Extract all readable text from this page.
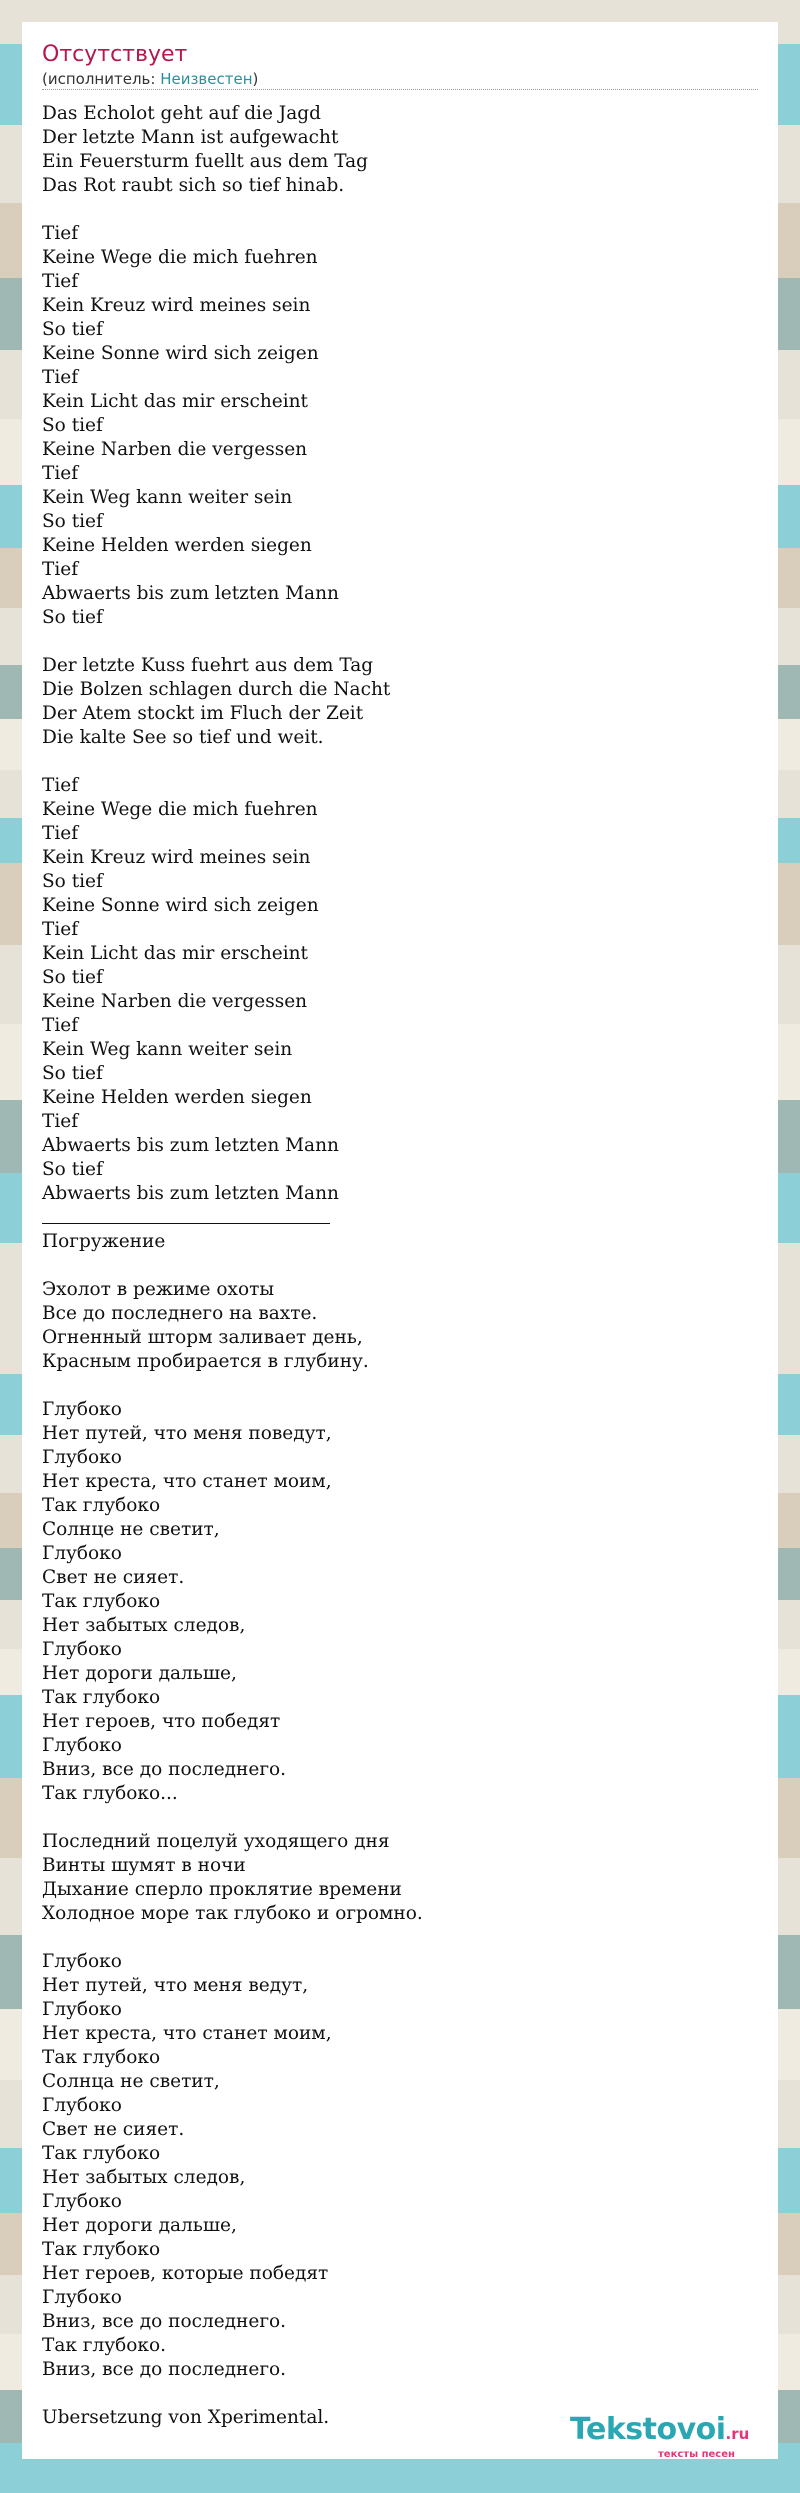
Отсутствует
(исполнитель: Неизвестен)
Das Echolot geht auf die Jagd
Der letzte Mann ist aufgewacht
Ein Feuersturm fuellt aus dem Tag
Das Rot raubt sich so tief hinab.
Tief
Keine Wege die mich fuehren
Tief
Kein Kreuz wird meines sein
So tief
Keine Sonne wird sich zeigen
Tief
Kein Licht das mir erscheint
So tief
Keine Narben die vergessen
Tief
Kein Weg kann weiter sein
So tief
Keine Helden werden siegen
Tief
Abwaerts bis zum letzten Mann
So tief
Der letzte Kuss fuehrt aus dem Tag
Die Bolzen schlagen durch die Nacht
Der Atem stockt im Fluch der Zeit
Die kalte See so tief und weit.
Tief
Keine Wege die mich fuehren
Tief
Kein Kreuz wird meines sein
So tief
Keine Sonne wird sich zeigen
Tief
Kein Licht das mir erscheint
So tief
Keine Narben die vergessen
Tief
Kein Weg kann weiter sein
So tief
Keine Helden werden siegen
Tief
Abwaerts bis zum letzten Mann
So tief
Abwaerts bis zum letzten Mann
Погружение
Эхолот в режиме охоты
Все до последнего на вахте.
Огненный шторм заливает день,
Красным пробирается в глубину.
Глубоко
Нет путей, что меня поведут,
Глубоко
Нет креста, что станет моим,
Так глубоко
Солнце не светит,
Глубоко
Свет не сияет.
Так глубоко
Нет забытых следов,
Глубоко
Нет дороги дальше,
Так глубоко
Нет героев, что победят
Глубоко
Вниз, все до последнего.
Так глубоко...
Последний поцелуй уходящего дня
Винты шумят в ночи
Дыхание сперло проклятие времени
Холодное море так глубоко и огромно.
Глубоко
Нет путей, что меня ведут,
Глубоко
Нет креста, что станет моим,
Так глубоко
Солнца не светит,
Глубоко
Свет не сияет.
Так глубоко
Нет забытых следов,
Глубоко
Нет дороги дальше,
Так глубоко
Нет героев, которые победят
Глубоко
Вниз, все до последнего.
Так глубоко.
Вниз, все до последнего.
Ubersetzung von Xperimental.	Tekstovoi.ru
тексты песен
